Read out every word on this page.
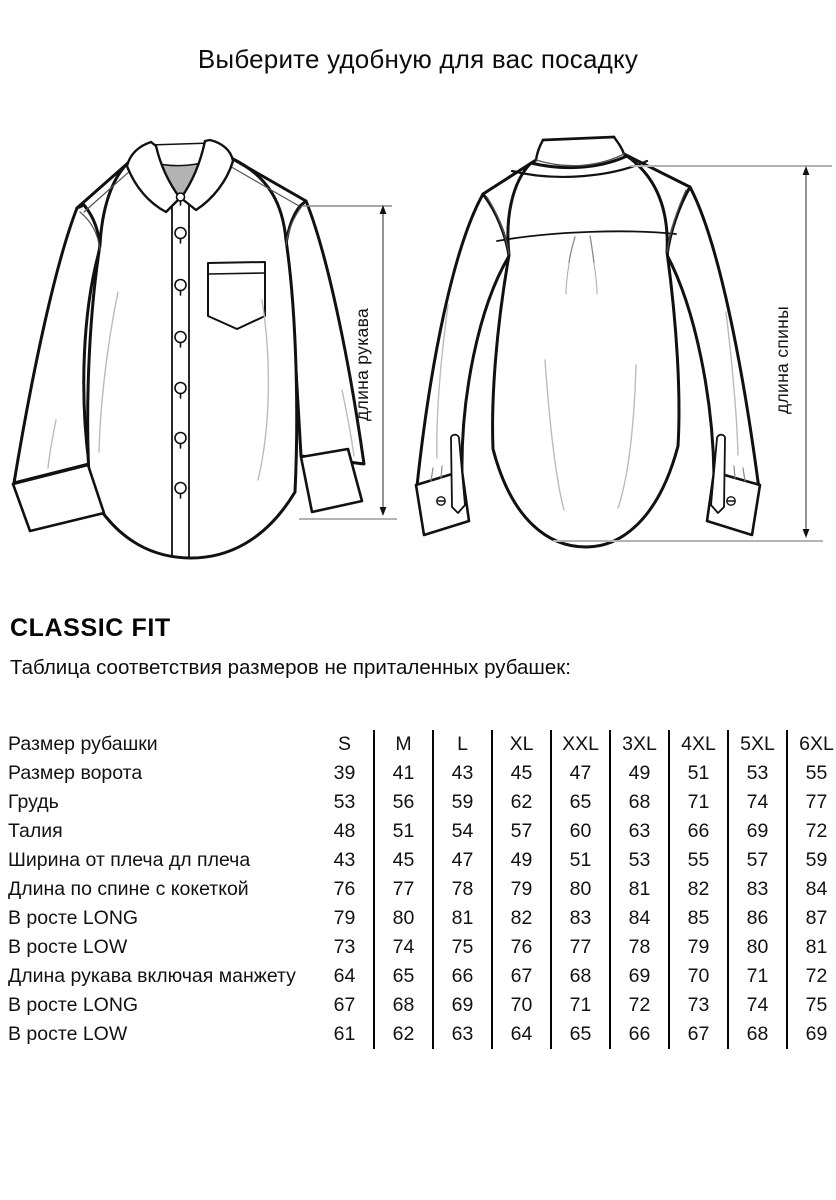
Выберите удобную для вас посадку
длина рукава	длина спины
CLASSIC FIT

Таблица соответствия размеров не приталенных рубашек:

Размер рубашки	S	M	L	XL	XXL	3XL	4XL	5XL	6XL
Размер ворота	39	41	43	45	47	49	51	53	55
Грудь	53	56	59	62	65	68	71	74	77
Талия	48	51	54	57	60	63	66	69	72
Ширина от плеча дл плеча	43	45	47	49	51	53	55	57	59
Длина по спине с кокеткой	76	77	78	79	80	81	82	83	84
В росте LONG	79	80	81	82	83	84	85	86	87
В росте LOW	73	74	75	76	77	78	79	80	81
Длина рукава включая манжету	64	65	66	67	68	69	70	71	72
В росте LONG	67	68	69	70	71	72	73	74	75
В росте LOW	61	62	63	64	65	66	67	68	69
